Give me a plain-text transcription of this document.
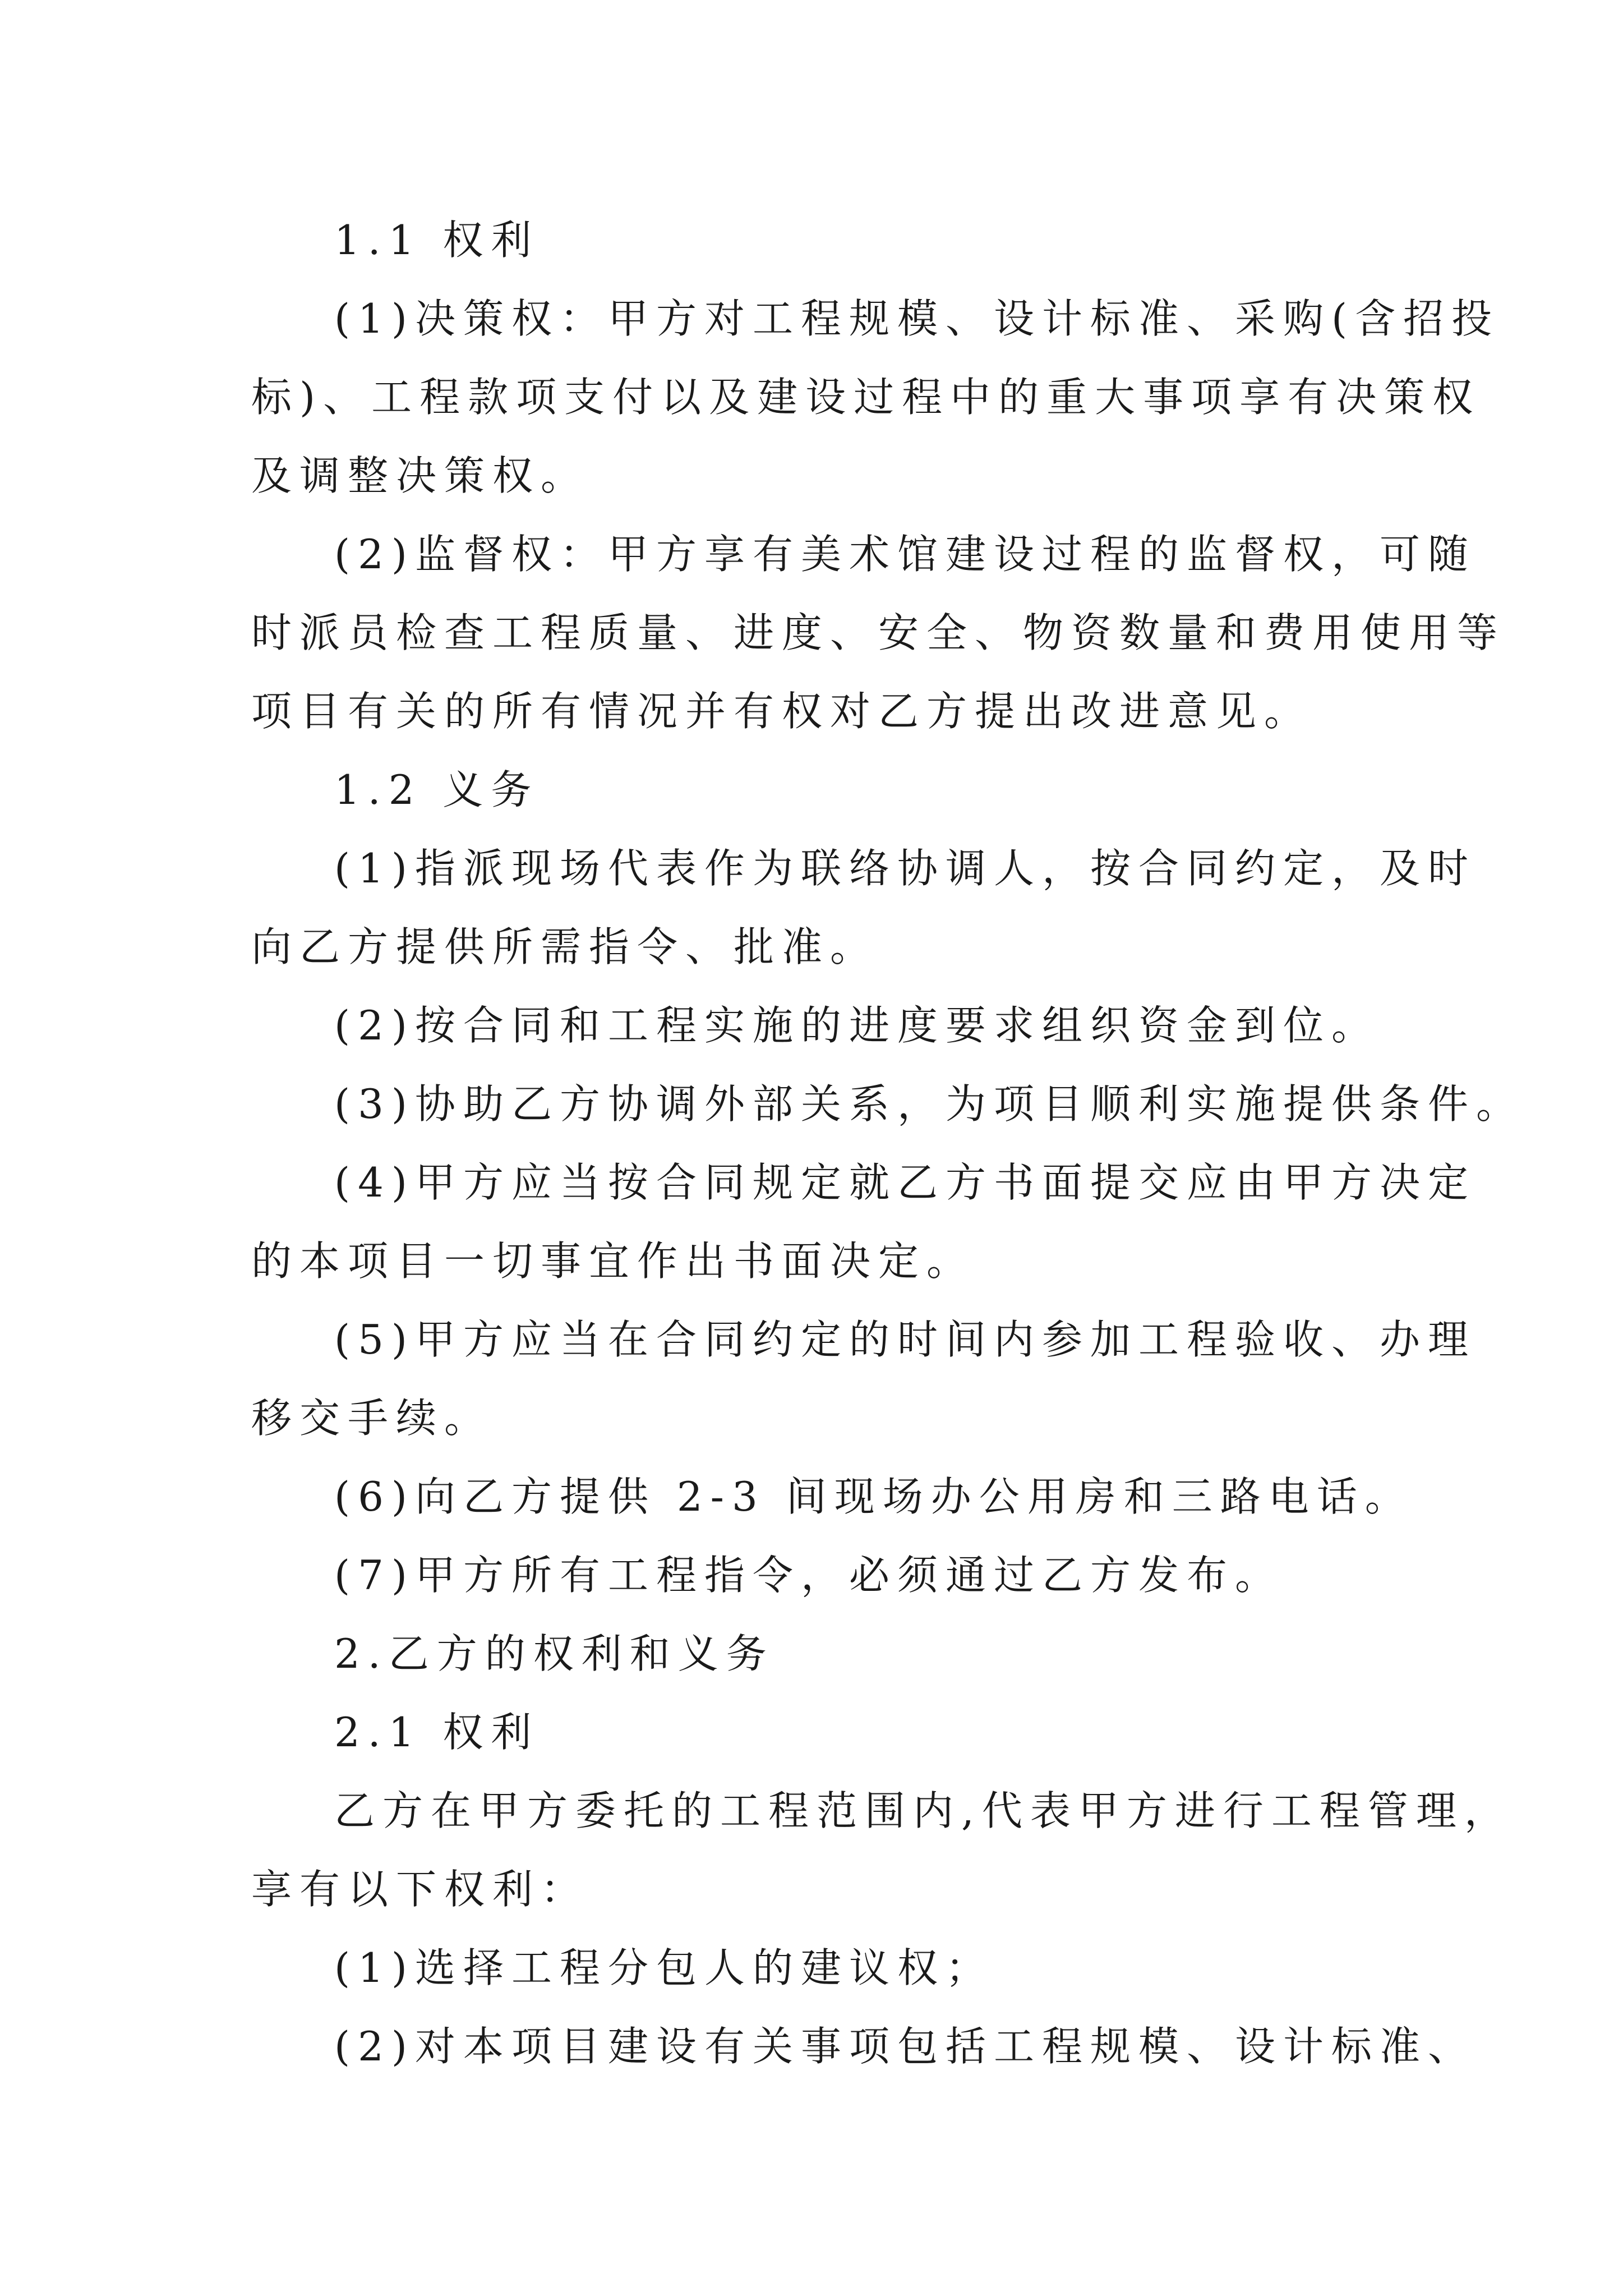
1.1 权利
(1)决策权：甲方对工程规模、设计标准、采购(含招投
标)、工程款项支付以及建设过程中的重大事项享有决策权
及调整决策权。
(2)监督权：甲方享有美术馆建设过程的监督权，可随
时派员检查工程质量、进度、安全、物资数量和费用使用等
项目有关的所有情况并有权对乙方提出改进意见。
1.2 义务
(1)指派现场代表作为联络协调人，按合同约定，及时
向乙方提供所需指令、批准。
(2)按合同和工程实施的进度要求组织资金到位。
(3)协助乙方协调外部关系，为项目顺利实施提供条件。
(4)甲方应当按合同规定就乙方书面提交应由甲方决定
的本项目一切事宜作出书面决定。
(5)甲方应当在合同约定的时间内参加工程验收、办理
移交手续。
(6)向乙方提供 2-3 间现场办公用房和三路电话。
(7)甲方所有工程指令，必须通过乙方发布。
2.乙方的权利和义务
2.1 权利
乙方在甲方委托的工程范围内,代表甲方进行工程管理，
享有以下权利：
(1)选择工程分包人的建议权；
(2)对本项目建设有关事项包括工程规模、设计标准、
